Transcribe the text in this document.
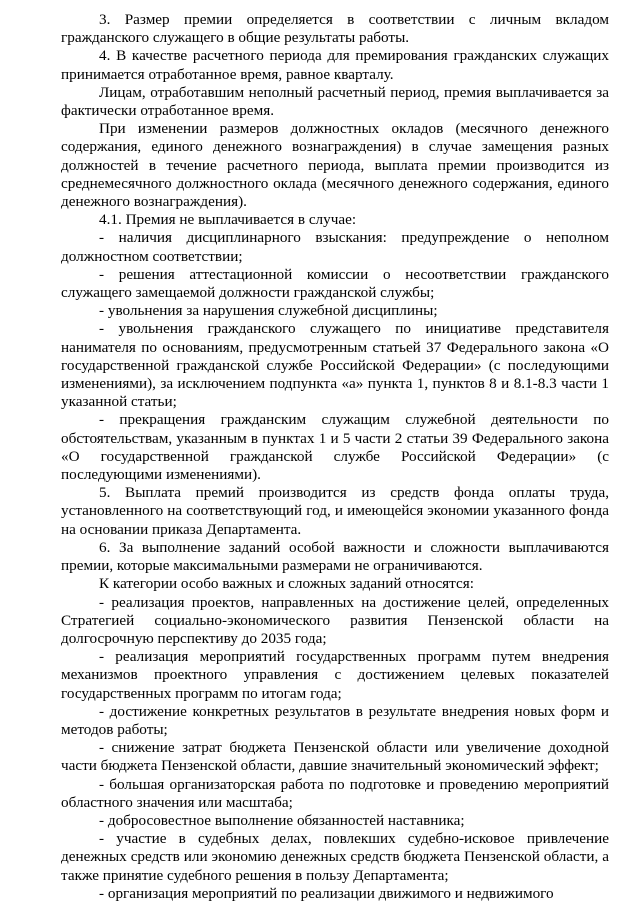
3. Размер премии определяется в соответствии с личным вкладом гражданского служащего в общие результаты работы.

4. В качестве расчетного периода для премирования гражданских служащих принимается отработанное время, равное кварталу.

Лицам, отработавшим неполный расчетный период, премия выплачивается за фактически отработанное время.

При изменении размеров должностных окладов (месячного денежного содержания, единого денежного вознаграждения) в случае замещения разных должностей в течение расчетного периода, выплата премии производится из среднемесячного должностного оклада (месячного денежного содержания, единого денежного вознаграждения).

4.1. Премия не выплачивается в случае:

- наличия дисциплинарного взыскания: предупреждение о неполном должностном соответствии;

- решения аттестационной комиссии о несоответствии гражданского служащего замещаемой должности гражданской службы;

- увольнения за нарушения служебной дисциплины;

- увольнения гражданского служащего по инициативе представителя нанимателя по основаниям, предусмотренным статьей 37 Федерального закона «О государственной гражданской службе Российской Федерации» (с последующими изменениями), за исключением подпункта «а» пункта 1, пунктов 8 и 8.1-8.3 части 1 указанной статьи;

- прекращения гражданским служащим служебной деятельности по обстоятельствам, указанным в пунктах 1 и 5 части 2 статьи 39 Федерального закона «О государственной гражданской службе Российской Федерации» (с последующими изменениями).

5. Выплата премий производится из средств фонда оплаты труда, установленного на соответствующий год, и имеющейся экономии указанного фонда на основании приказа Департамента.

6. За выполнение заданий особой важности и сложности выплачиваются премии, которые максимальными размерами не ограничиваются.

К категории особо важных и сложных заданий относятся:

- реализация проектов, направленных на достижение целей, определенных Стратегией социально-экономического развития Пензенской области на долгосрочную перспективу до 2035 года;

- реализация мероприятий государственных программ путем внедрения механизмов проектного управления с достижением целевых показателей государственных программ по итогам года;

- достижение конкретных результатов в результате внедрения новых форм и методов работы;

- снижение затрат бюджета Пензенской области или увеличение доходной части бюджета Пензенской области, давшие значительный экономический эффект;

- большая организаторская работа по подготовке и проведению мероприятий областного значения или масштаба;

- добросовестное выполнение обязанностей наставника;

- участие в судебных делах, повлекших судебно-исковое привлечение денежных средств или экономию денежных средств бюджета Пензенской области, а также принятие судебного решения в пользу Департамента;

- организация мероприятий по реализации движимого и недвижимого
